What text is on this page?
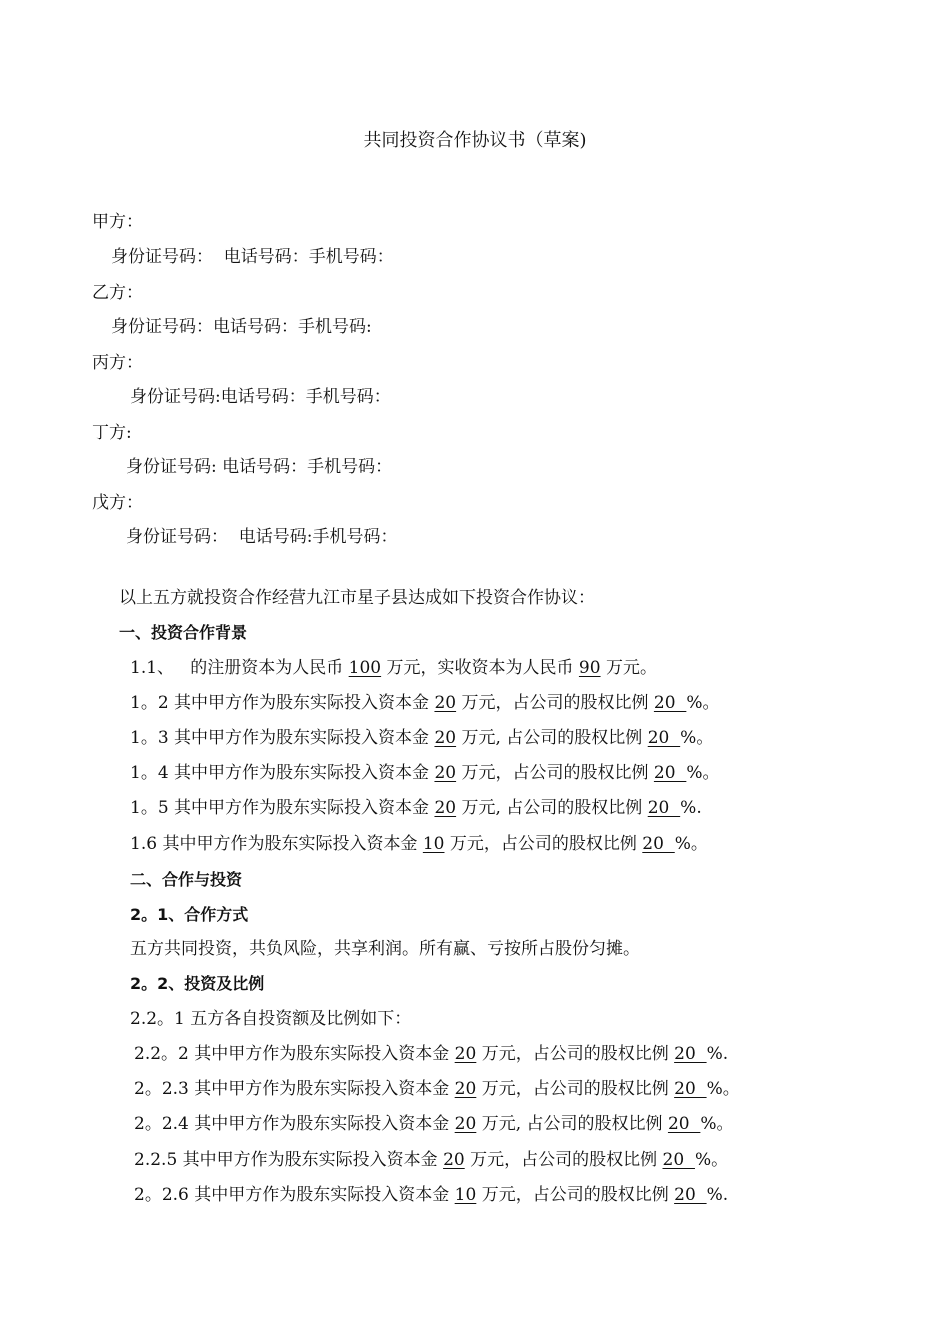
共同投资合作协议书（草案)
甲方：
身份证号码：  电话号码：手机号码：
乙方：
身份证号码：电话号码：手机号码:
丙方：
身份证号码:电话号码：手机号码：
丁方:
身份证号码: 电话号码：手机号码：
戊方：
身份证号码：  电话号码:手机号码：
以上五方就投资合作经营九江市星子县达成如下投资合作协议：
一、投资合作背景
1.1、   的注册资本为人民币 100 万元，实收资本为人民币 90 万元。
1。2 其中甲方作为股东实际投入资本金 20 万元，占公司的股权比例 20  %。
1。3 其中甲方作为股东实际投入资本金 20 万元, 占公司的股权比例 20  %。
1。4 其中甲方作为股东实际投入资本金 20 万元，占公司的股权比例 20  %。
1。5 其中甲方作为股东实际投入资本金 20 万元, 占公司的股权比例 20  %.
1.6 其中甲方作为股东实际投入资本金 10 万元，占公司的股权比例 20  %。
二、合作与投资
2。1、合作方式
五方共同投资，共负风险，共享利润。所有赢、亏按所占股份匀摊。
2。2、投资及比例
2.2。1 五方各自投资额及比例如下：
2.2。2 其中甲方作为股东实际投入资本金 20 万元，占公司的股权比例 20  %.
2。2.3 其中甲方作为股东实际投入资本金 20 万元，占公司的股权比例 20  %。
2。2.4 其中甲方作为股东实际投入资本金 20 万元, 占公司的股权比例 20  %。
2.2.5 其中甲方作为股东实际投入资本金 20 万元，占公司的股权比例 20  %。
2。2.6 其中甲方作为股东实际投入资本金 10 万元，占公司的股权比例 20  %.
